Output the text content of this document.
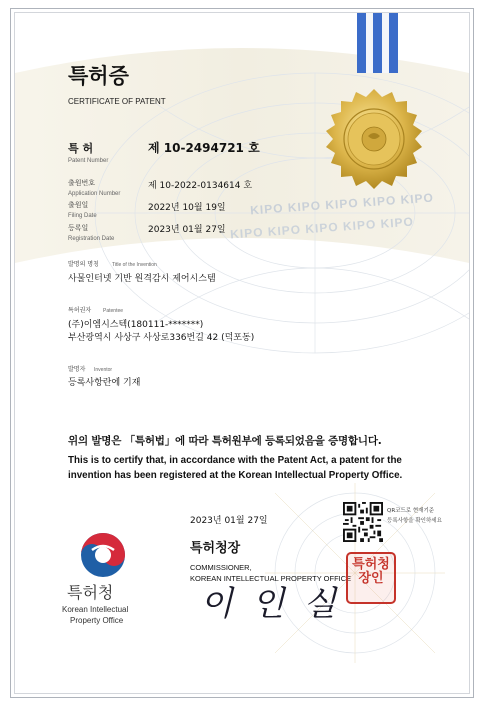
KIPO KIPO KIPO KIPO KIPO
KIPO KIPO KIPO KIPO KIPO
특허증
CERTIFICATE OF PATENT
특 허
Patent Number
제 10-2494721 호
출원번호
Application Number
제 10-2022-0134614 호
출원일
Filing Date
2022년 10월 19일
등록일
Registration Date
2023년 01월 27일
발명의 명칭	Title of the Invention
사물인터넷 기반 원격감시 제어시스템
특허권자 Patentee
(주)이엠시스텍(180111-*******)
부산광역시 사상구 사상로336번길 42 (덕포동)
발명자 Inventor
등록사항란에 기재
위의 발명은 「특허법」에 따라 특허원부에 등록되었음을 증명합니다.
This is to certify that, in accordance with the Patent Act, a patent for the
invention has been registered at the Korean Intellectual Property Office.
2023년 01월 27일
QR코드로 현재기준
등록사항을 확인하세요
특허청장
COMMISSIONER,
KOREAN INTELLECTUAL PROPERTY OFFICE
이 인 실
특허청장인
특허청
Korean Intellectual
Property Office
